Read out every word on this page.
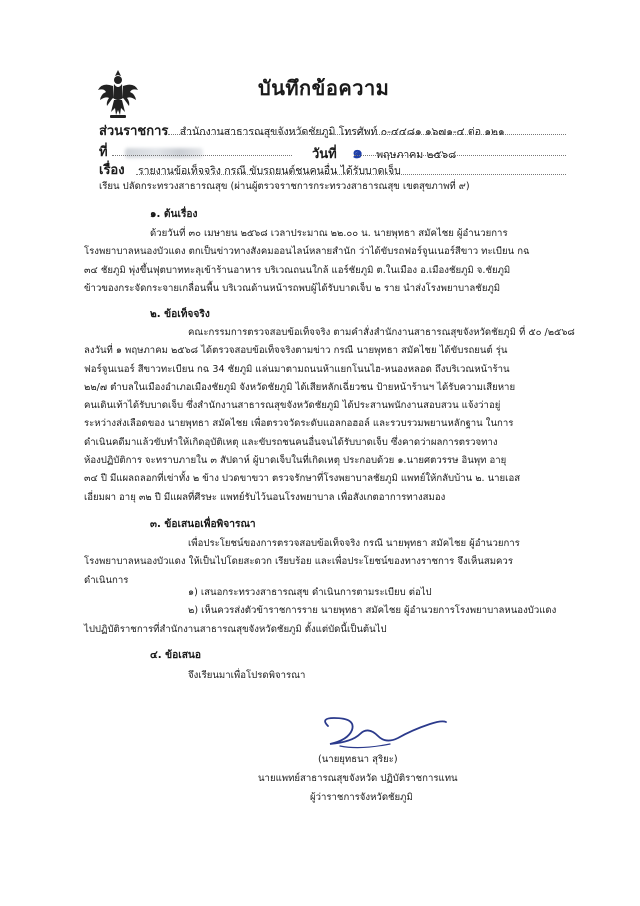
บันทึกข้อความ
ส่วนราชการ สำนักงานสาธารณสุขจังหวัดชัยภูมิ โทรศัพท์ ๐-๔๔๘๑ ๑๖๗๑-๔ ต่อ ๑๒๑
ที่	วันที่ ๑ พฤษภาคม ๒๕๖๘
เรื่อง รายงานข้อเท็จจริง กรณี ขับรถยนต์ชนคนอื่น ได้รับบาดเจ็บ
เรียน ปลัดกระทรวงสาธารณสุข (ผ่านผู้ตรวจราชการกระทรวงสาธารณสุข เขตสุขภาพที่ ๙)
๑. ต้นเรื่อง
ด้วยวันที่ ๓๐ เมษายน ๒๕๖๘ เวลาประมาณ ๒๒.๐๐ น. นายพุทธา สมัคไชย ผู้อำนวยการ
โรงพยาบาลหนองบัวแดง ตกเป็นข่าวทางสังคมออนไลน์หลายสำนัก ว่าได้ขับรถฟอร์จูนเนอร์สีขาว ทะเบียน กฉ
๓๔ ชัยภูมิ พุ่งขึ้นฟุตบาททะลุเข้าร้านอาหาร บริเวณถนนใกล้ แอร์ชัยภูมิ ต.ในเมือง อ.เมืองชัยภูมิ จ.ชัยภูมิ
ข้าวของกระจัดกระจายเกลื่อนพื้น บริเวณด้านหน้ารถพบผู้ได้รับบาดเจ็บ ๒ ราย นำส่งโรงพยาบาลชัยภูมิ
๒. ข้อเท็จจริง
คณะกรรมการตรวจสอบข้อเท็จจริง ตามคำสั่งสำนักงานสาธารณสุขจังหวัดชัยภูมิ ที่ ๕๐ /๒๕๖๘
ลงวันที่ ๑ พฤษภาคม ๒๕๖๘ ได้ตรวจสอบข้อเท็จจริงตามข่าว กรณี นายพุทธา สมัคไชย ได้ขับรถยนต์ รุ่น
ฟอร์จูนเนอร์ สีขาวทะเบียน กฉ 34 ชัยภูมิ แล่นมาตามถนนห้าแยกโนนไฮ-หนองหลอด ถึงบริเวณหน้าร้าน
๒๒/๗ ตำบลในเมืองอำเภอเมืองชัยภูมิ จังหวัดชัยภูมิ ได้เสียหลักเฉี่ยวชน ป้ายหน้าร้านฯ ได้รับความเสียหาย
คนเดินเท้าได้รับบาดเจ็บ ซึ่งสำนักงานสาธารณสุขจังหวัดชัยภูมิ ได้ประสานพนักงานสอบสวน แจ้งว่าอยู่
ระหว่างส่งเลือดของ นายพุทธา สมัคไชย เพื่อตรวจวัดระดับแอลกอฮอล์ และรวบรวมพยานหลักฐาน ในการ
ดำเนินคดีมาแล้วขับทำให้เกิดอุบัติเหตุ และขับรถชนคนอื่นจนได้รับบาดเจ็บ ซึ่งคาดว่าผลการตรวจทาง
ห้องปฏิบัติการ จะทราบภายใน ๓ สัปดาห์ ผู้บาดเจ็บในที่เกิดเหตุ ประกอบด้วย ๑.นายศตวรรษ อินพุท อายุ
๓๔ ปี มีแผลถลอกที่เข่าทั้ง ๒ ข้าง ปวดขาขวา ตรวจรักษาที่โรงพยาบาลชัยภูมิ แพทย์ให้กลับบ้าน ๒. นายเอส
เอี่ยมผา อายุ ๓๒ ปี มีแผลที่ศีรษะ แพทย์รับไว้นอนโรงพยาบาล เพื่อสังเกตอาการทางสมอง
๓. ข้อเสนอเพื่อพิจารณา
เพื่อประโยชน์ของการตรวจสอบข้อเท็จจริง กรณี นายพุทธา สมัคไชย ผู้อำนวยการ
โรงพยาบาลหนองบัวแดง ให้เป็นไปโดยสะดวก เรียบร้อย และเพื่อประโยชน์ของทางราชการ จึงเห็นสมควร
ดำเนินการ
๑) เสนอกระทรวงสาธารณสุข ดำเนินการตามระเบียบ ต่อไป
๒) เห็นควรส่งตัวข้าราชการราย นายพุทธา สมัคไชย ผู้อำนวยการโรงพยาบาลหนองบัวแดง
ไปปฏิบัติราชการที่สำนักงานสาธารณสุขจังหวัดชัยภูมิ ตั้งแต่บัดนี้เป็นต้นไป
๔. ข้อเสนอ
จึงเรียนมาเพื่อโปรดพิจารณา
(นายยุทธนา สุริยะ)
นายแพทย์สาธารณสุขจังหวัด ปฏิบัติราชการแทน
ผู้ว่าราชการจังหวัดชัยภูมิ
